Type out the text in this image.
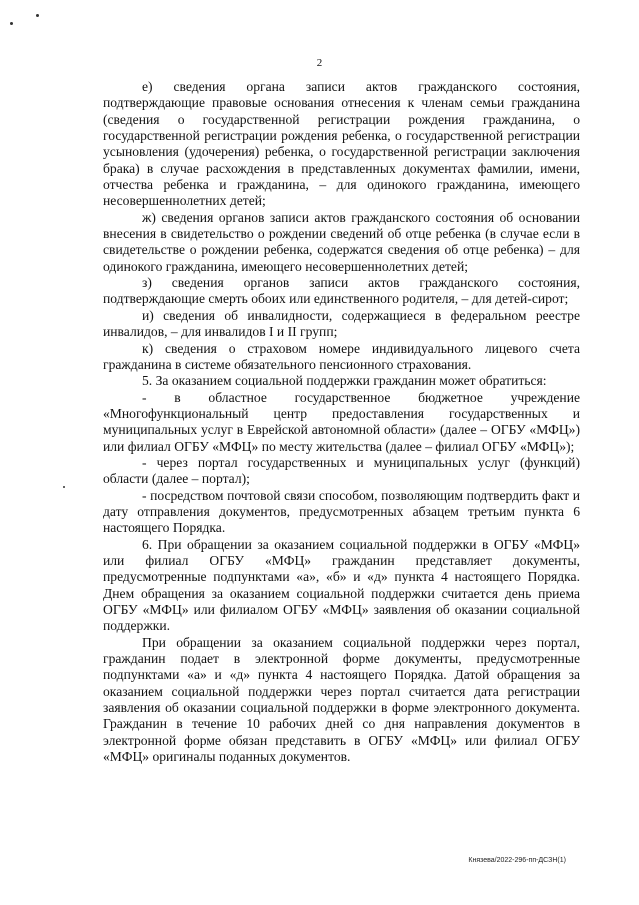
2

е) сведения органа записи актов гражданского состояния, подтверждающие правовые основания отнесения к членам семьи гражданина (сведения о государственной регистрации рождения гражданина, о государственной регистрации рождения ребенка, о государственной регистрации усыновления (удочерения) ребенка, о государственной регистрации заключения брака) в случае расхождения в представленных документах фамилии, имени, отчества ребенка и гражданина, – для одинокого гражданина, имеющего несовершеннолетних детей;

ж) сведения органов записи актов гражданского состояния об основании внесения в свидетельство о рождении сведений об отце ребенка (в случае если в свидетельстве о рождении ребенка, содержатся сведения об отце ребенка) – для одинокого гражданина, имеющего несовершеннолетних детей;

з) сведения органов записи актов гражданского состояния, подтверждающие смерть обоих или единственного родителя, – для детей-сирот;

и) сведения об инвалидности, содержащиеся в федеральном реестре инвалидов, – для инвалидов I и II групп;

к) сведения о страховом номере индивидуального лицевого счета гражданина в системе обязательного пенсионного страхования.

5. За оказанием социальной поддержки гражданин может обратиться:

- в областное государственное бюджетное учреждение «Многофункциональный центр предоставления государственных и муниципальных услуг в Еврейской автономной области» (далее – ОГБУ «МФЦ») или филиал ОГБУ «МФЦ» по месту жительства (далее – филиал ОГБУ «МФЦ»);

- через портал государственных и муниципальных услуг (функций) области (далее – портал);

- посредством почтовой связи способом, позволяющим подтвердить факт и дату отправления документов, предусмотренных абзацем третьим пункта 6 настоящего Порядка.

6. При обращении за оказанием социальной поддержки в ОГБУ «МФЦ» или филиал ОГБУ «МФЦ» гражданин представляет документы, предусмотренные подпунктами «а», «б» и «д» пункта 4 настоящего Порядка. Днем обращения за оказанием социальной поддержки считается день приема ОГБУ «МФЦ» или филиалом ОГБУ «МФЦ» заявления об оказании социальной поддержки.

При обращении за оказанием социальной поддержки через портал, гражданин подает в электронной форме документы, предусмотренные подпунктами «а» и «д» пункта 4 настоящего Порядка. Датой обращения за оказанием социальной поддержки через портал считается дата регистрации заявления об оказании социальной поддержки в форме электронного документа. Гражданин в течение 10 рабочих дней со дня направления документов в электронной форме обязан представить в ОГБУ «МФЦ» или филиал ОГБУ «МФЦ» оригиналы поданных документов.

Князева/2022-296-пп-ДСЗН(1)
